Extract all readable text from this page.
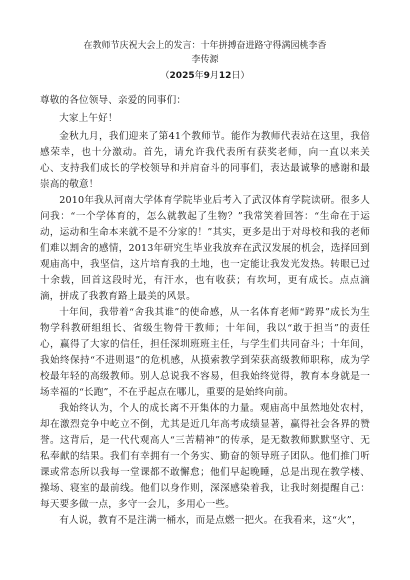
在教师节庆祝大会上的发言：十年拼搏奋进路守得满园桃李香

李传源

（2025年9月12日）

尊敬的各位领导、亲爱的同事们：

大家上午好！

金秋九月，我们迎来了第41个教师节。能作为教师代表站在这里，我倍感荣幸，也十分激动。首先，请允许我代表所有获奖老师，向一直以来关心、支持我们成长的学校领导和并肩奋斗的同事们，表达最诚挚的感谢和最崇高的敬意！

2010年我从河南大学体育学院毕业后考入了武汉体育学院读研。很多人问我：“一个学体育的，怎么就教起了生物？”我常笑着回答：“生命在于运动，运动和生命本来就不是不分家的！”其实，更多是出于对母校和我的老师们难以割舍的感情，2013年研究生毕业我放弃在武汉发展的机会，选择回到观庙高中，我坚信，这片培育我的土地，也一定能让我发光发热。转眼已过十余载，回首这段时光，有汗水，也有收获；有坎坷，更有成长。点点滴滴，拼成了我教育路上最美的风景。

十年间，我带着“舍我其谁”的使命感，从一名体育老师“跨界”成长为生物学科教研组组长、省级生物骨干教师；十年间，我以“敢于担当”的责任心，赢得了大家的信任，担任深圳班班主任，与学生们共同奋斗；十年间，我始终保持“不进则退”的危机感，从摸索教学到荣获高级教师职称，成为学校最年轻的高级教师。别人总说我不容易，但我始终觉得，教育本身就是一场幸福的“长跑”，不在乎起点在哪儿，重要的是始终向前。

我始终认为，个人的成长离不开集体的力量。观庙高中虽然地处农村，却在激烈竞争中屹立不倒，尤其是近几年高考成绩显著，赢得社会各界的赞誉。这背后，是一代代观高人“三苦精神”的传承，是无数教师默默坚守、无私奉献的结果。我们有幸拥有一个务实、勤奋的领导班子团队。他们推门听课或常态所以我每一堂课都不敢懈怠；他们早起晚睡，总是出现在教学楼、操场、寝室的最前线。他们以身作则，深深感染着我，让我时刻提醒自己：每天要多做一点，多守一会儿，多用心一些。

有人说，教育不是注满一桶水，而是点燃一把火。在我看来，这“火”，
